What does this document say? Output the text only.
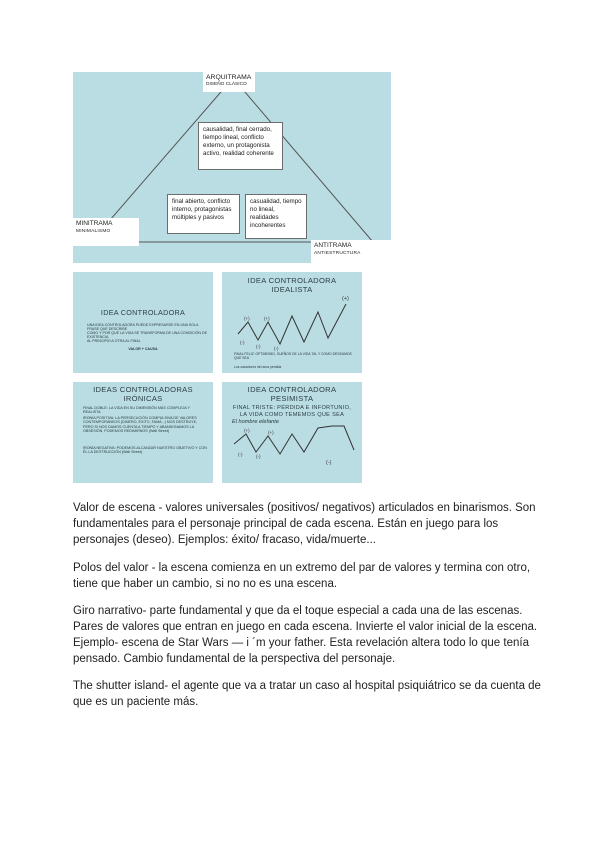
ARQUITRAMA
DISEÑO CLÁSICO
causalidad, final cerrado, tiempo lineal, conflicto externo, un protagonista activo, realidad coherente
final abierto, conflicto interno, protagonistas múltiples y pasivos
casualidad, tiempo no lineal, realidades incoherentes
MINITRAMA
MINIMALISMO
ANTITRAMA
ANTIESTRUCTURA
IDEA CONTROLADORA
UNA IDEA CONTROLADORA PUEDE EXPRESARSE EN UNA SOLA FRASE QUE DESCRIBE
COMO Y POR QUÉ LA VIDA SE TRANSFORMA DE UNA CONDICIÓN DE EXISTENCIA
AL PRINCIPIO A OTRA AL FINAL
VALOR + CAUSA
IDEA CONTROLADORA
IDEALISTA
(+)
(+)	(+)
(-)
(-)	(-)
FINAL FELIZ: OPTIMISMO, SUEÑOS DE LA VIDA TAL Y COMO DESEAMOS QUE SEA
Los cazadores del arca perdida
IDEAS CONTROLADORAS
IRÓNICAS
FINAL DOBLE: LA VIDA EN SU DIMENSIÓN MÁS COMPLEJA Y REALISTA
IRONÍA POSITIVA: LA PERSECUCIÓN COMPULSIVA DE VALORES CONTEMPORÁNEOS (DINERO, ÉXITO, FAMA...) NOS DESTRUYE, PERO SI NOS DAMOS CUENTA A TIEMPO Y ABANDONAMOS LA OBSESIÓN, PODEMOS REDIMIRNOS (Wall Street)
IRONÍA NEGATIVA: PODEMOS ALCANZAR NUESTRO OBJETIVO Y CON ÉL LA DESTRUCCIÓN (Wall Street)
IDEA CONTROLADORA
PESIMISTA
FINAL TRISTE: PÉRDIDA E INFORTUNIO,
LA VIDA COMO TEMEMOS QUE SEA
El hombre elefante
(+)	(+)
(-)	(-)
(-)

Valor de escena - valores universales (positivos/ negativos) articulados en binarismos. Son fundamentales para el personaje principal de cada escena. Están en juego para los personajes (deseo). Ejemplos: éxito/ fracaso, vida/muerte...

Polos del valor - la escena comienza en un extremo del par de valores y termina con otro, tiene que haber un cambio, si no no es una escena.

Giro narrativo- parte fundamental y que da el toque especial a cada una de las escenas. Pares de valores que entran en juego en cada escena. Invierte el valor inicial de la escena. Ejemplo- escena de Star Wars — i ´m your father. Esta revelación altera todo lo que tenía pensado. Cambio fundamental de la perspectiva del personaje.

The shutter island- el agente que va a tratar un caso al hospital psiquiátrico se da cuenta de que es un paciente más.
